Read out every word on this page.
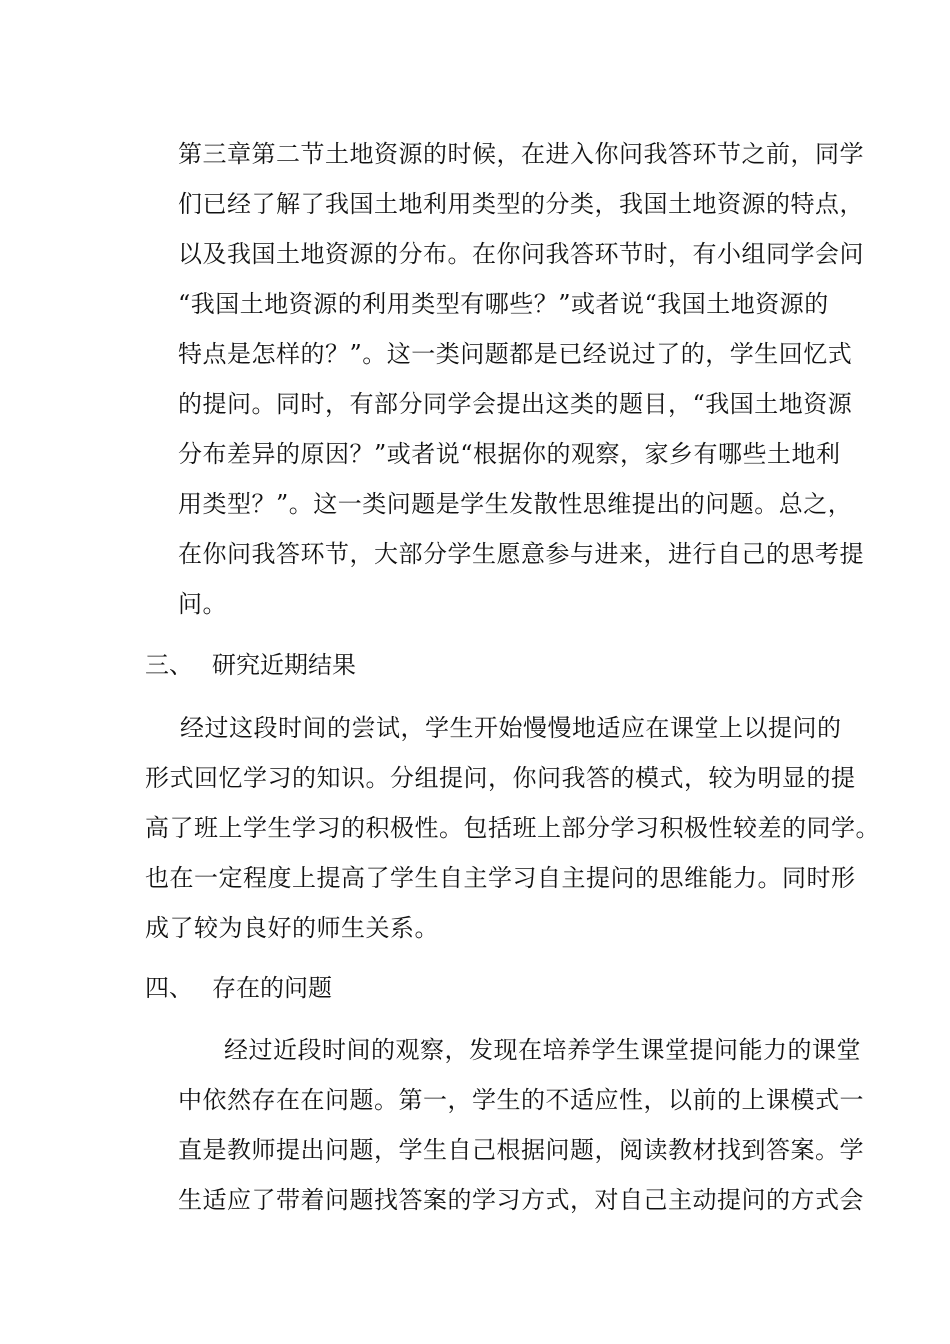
第三章第二节土地资源的时候，在进入你问我答环节之前，同学
们已经了解了我国土地利用类型的分类，我国土地资源的特点，
以及我国土地资源的分布。在你问我答环节时，有小组同学会问
“我国土地资源的利用类型有哪些？”或者说“我国土地资源的
特点是怎样的？”。这一类问题都是已经说过了的，学生回忆式
的提问。同时，有部分同学会提出这类的题目，“我国土地资源
分布差异的原因？”或者说“根据你的观察，家乡有哪些土地利
用类型？”。这一类问题是学生发散性思维提出的问题。总之，
在你问我答环节，大部分学生愿意参与进来，进行自己的思考提
问。
三、 研究近期结果
经过这段时间的尝试，学生开始慢慢地适应在课堂上以提问的
形式回忆学习的知识。分组提问，你问我答的模式，较为明显的提
高了班上学生学习的积极性。包括班上部分学习积极性较差的同学。
也在一定程度上提高了学生自主学习自主提问的思维能力。同时形
成了较为良好的师生关系。
四、 存在的问题
经过近段时间的观察，发现在培养学生课堂提问能力的课堂
中依然存在在问题。第一，学生的不适应性，以前的上课模式一
直是教师提出问题，学生自己根据问题，阅读教材找到答案。学
生适应了带着问题找答案的学习方式，对自己主动提问的方式会
